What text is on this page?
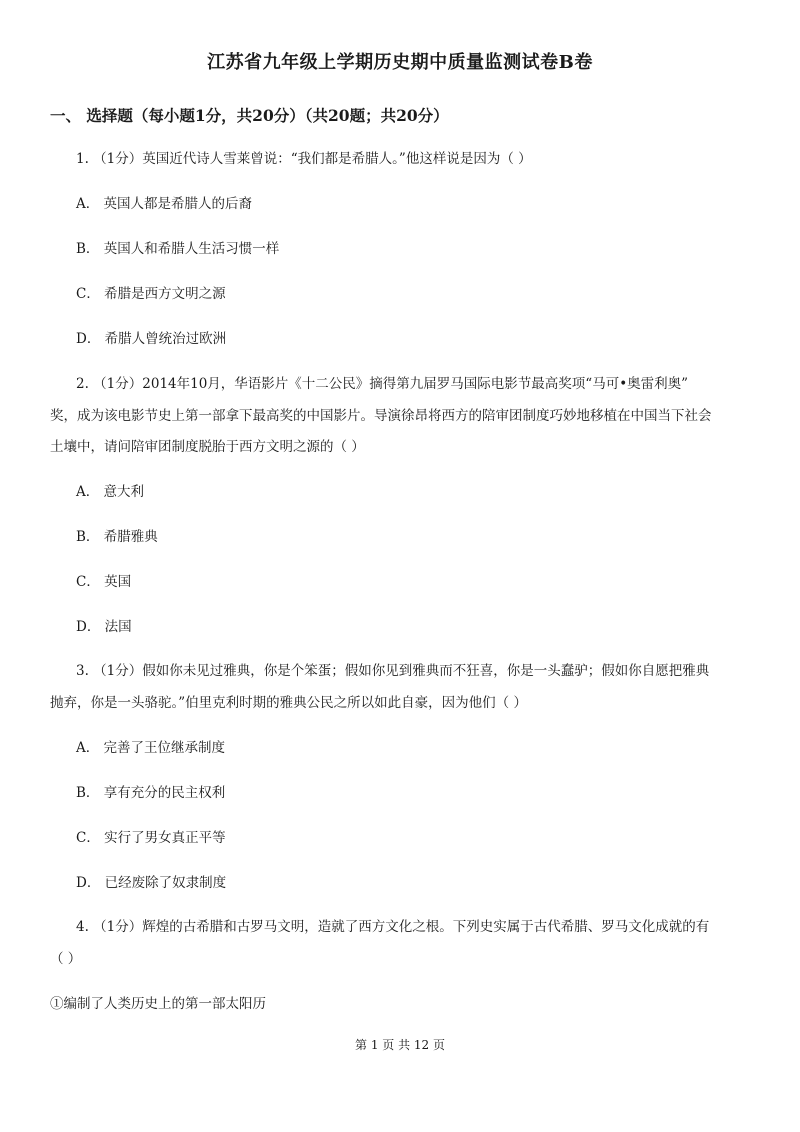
江苏省九年级上学期历史期中质量监测试卷B卷
一、 选择题（每小题1分，共20分）（共20题；共20分）
1. （1分）英国近代诗人雪莱曾说：“我们都是希腊人。”他这样说是因为（ ）
A． 英国人都是希腊人的后裔
B． 英国人和希腊人生活习惯一样
C． 希腊是西方文明之源
D． 希腊人曾统治过欧洲
2. （1分）2014年10月，华语影片《十二公民》摘得第九届罗马国际电影节最高奖项“马可•奥雷利奥”
奖，成为该电影节史上第一部拿下最高奖的中国影片。导演徐昂将西方的陪审团制度巧妙地移植在中国当下社会
土壤中，请问陪审团制度脱胎于西方文明之源的（ ）
A． 意大利
B． 希腊雅典
C． 英国
D． 法国
3. （1分）假如你未见过雅典，你是个笨蛋；假如你见到雅典而不狂喜，你是一头蠢驴；假如你自愿把雅典
抛弃，你是一头骆驼。”伯里克利时期的雅典公民之所以如此自豪，因为他们（ ）
A． 完善了王位继承制度
B． 享有充分的民主权利
C． 实行了男女真正平等
D． 已经废除了奴隶制度
4. （1分）辉煌的古希腊和古罗马文明，造就了西方文化之根。下列史实属于古代希腊、罗马文化成就的有
（ ）
①编制了人类历史上的第一部太阳历
第 1 页 共 12 页
